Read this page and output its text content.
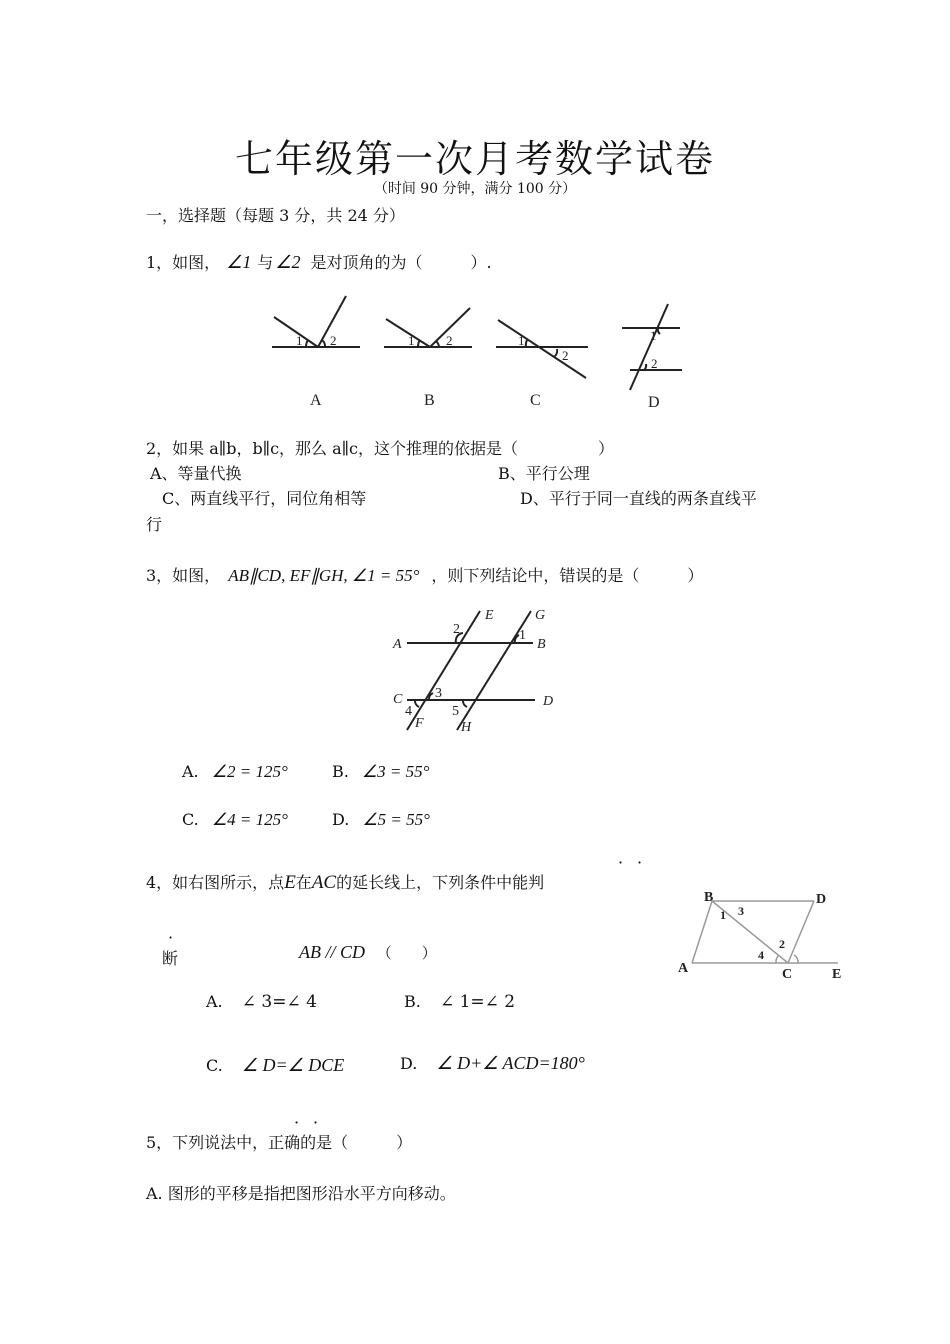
七年级第一次月考数学试卷
（时间 90 分钟，满分 100 分）
一，选择题（每题 3 分，共 24 分）
1，如图， ∠1 与 ∠2 是对顶角的为（　　　）.
1 2	1 2	1
2
1
2
A	B	C	D
2，如果 a∥b，b∥c，那么 a∥c，这个推理的依据是（　　　　　）
A、等量代换	B、平行公理
C、两直线平行，同位角相等	D、平行于同一直线的两条直线平
行
3，如图， AB∥CD, EF∥GH, ∠1 = 55° ，则下列结论中，错误的是（　　　）
A	B
C	D
E
F
G
H
1
2
3
4	5
A. ∠2 = 125°	B. ∠3 = 55°
C. ∠4 = 125°	D. ∠5 = 55°
4，如右图所示，点E在AC的延长线上，下列条件中能判
· ·
·
断	AB // CD （　　）
B	D
A	C	E
1 3
2
4
A. ∠ 3=∠ 4	B. ∠ 1=∠ 2
C. ∠ D=∠ DCE	D. ∠ D+∠ ACD=180°
· ·
5，下列说法中，正确的是（　　　）
A. 图形的平移是指把图形沿水平方向移动。
